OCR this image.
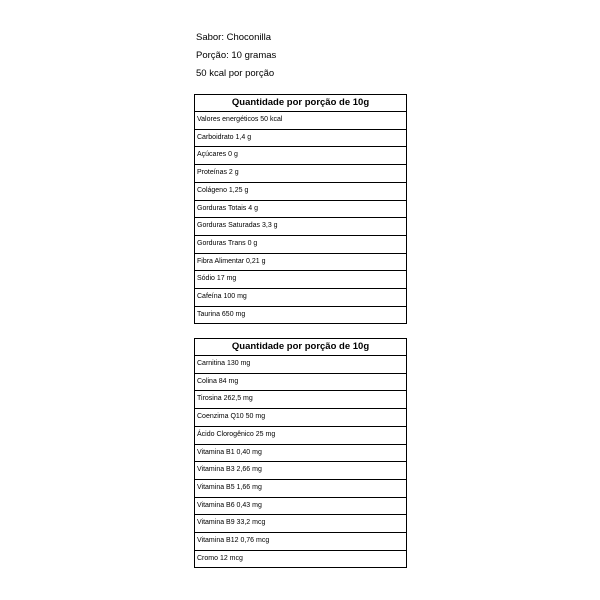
Sabor: Choconilla
Porção: 10 gramas
50 kcal por porção
Quantidade por porção de 10g
Valores energéticos 50 kcal
Carboidrato 1,4 g
Açúcares 0 g
Proteínas 2 g
Colágeno 1,25 g
Gorduras Totais 4 g
Gorduras Saturadas 3,3 g
Gorduras Trans 0 g
Fibra Alimentar 0,21 g
Sódio 17 mg
Cafeína 100 mg
Taurina 650 mg
Quantidade por porção de 10g
Carnitina 130 mg
Colina 84 mg
Tirosina 262,5 mg
Coenzima Q10 50 mg
Ácido Clorogênico 25 mg
Vitamina B1 0,40 mg
Vitamina B3 2,66 mg
Vitamina B5 1,66 mg
Vitamina B6 0,43 mg
Vitamina B9 33,2 mcg
Vitamina B12 0,76 mcg
Cromo 12 mcg
